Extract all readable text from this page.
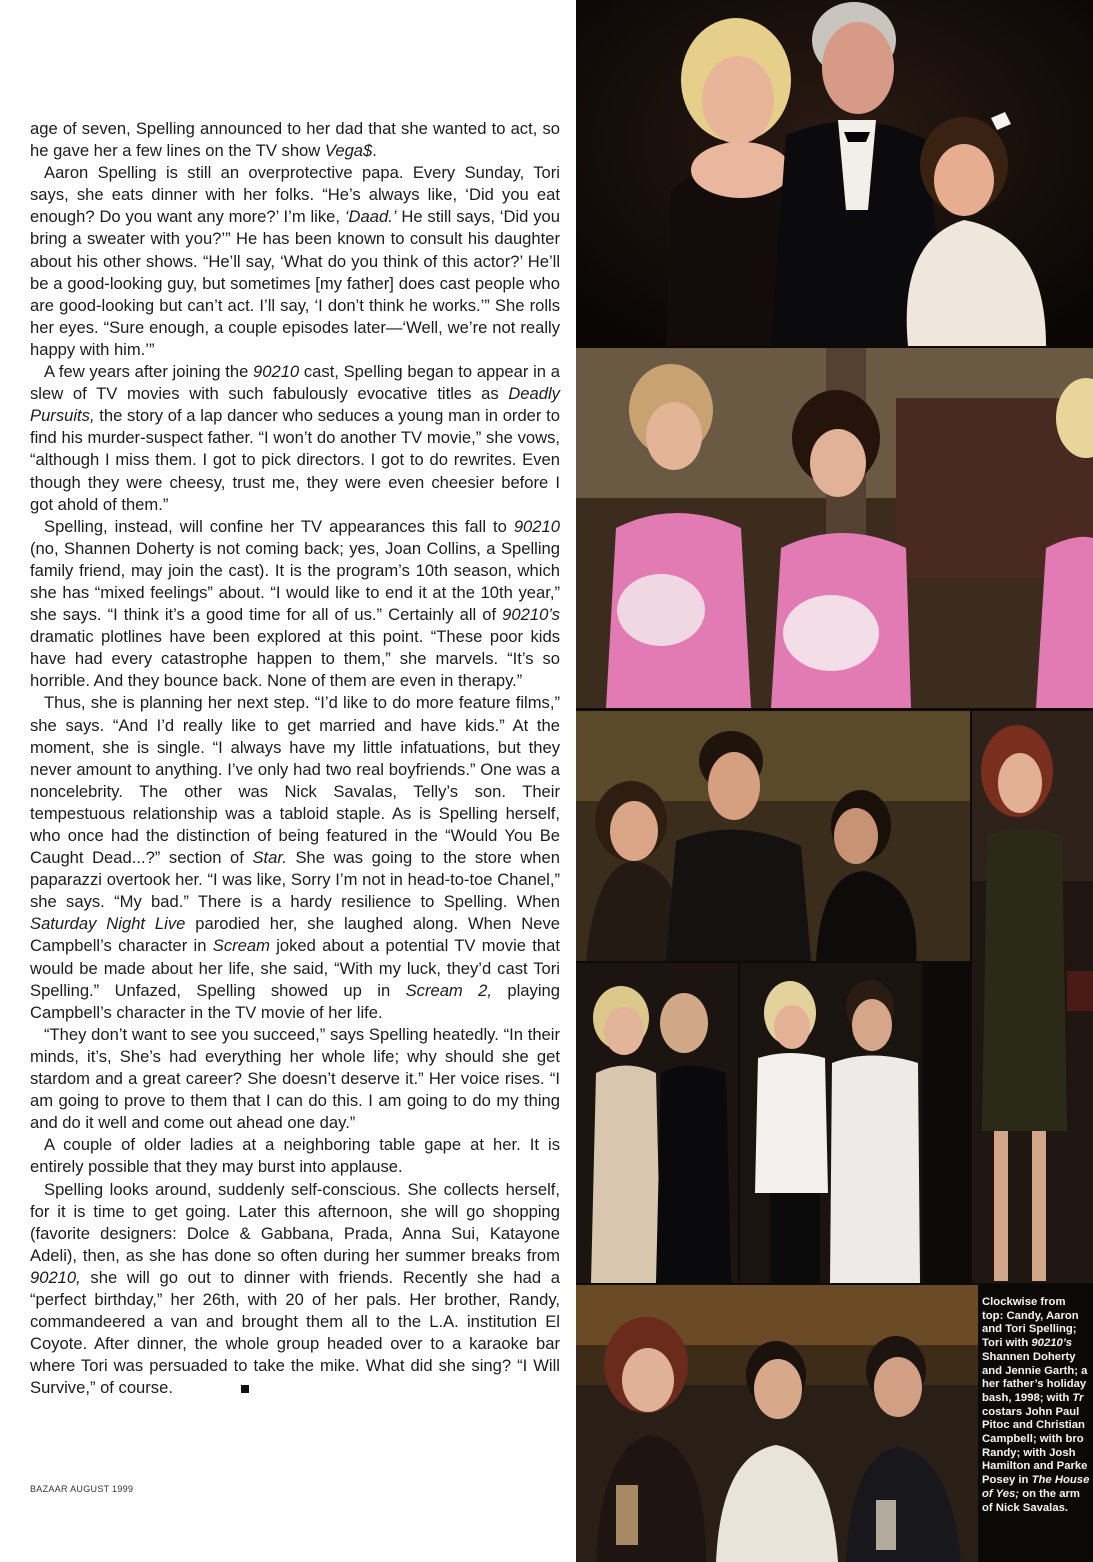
age of seven, Spelling announced to her dad that she wanted to act, so he gave her a few lines on the TV show Vega$.

Aaron Spelling is still an overprotective papa. Every Sunday, Tori says, she eats dinner with her folks. “He’s always like, ‘Did you eat enough? Do you want any more?’ I’m like, ‘Daad.’ He still says, ‘Did you bring a sweater with you?’” He has been known to consult his daughter about his other shows. “He’ll say, ‘What do you think of this actor?’ He’ll be a good-looking guy, but sometimes [my father] does cast people who are good-looking but can’t act. I’ll say, ‘I don’t think he works.’” She rolls her eyes. “Sure enough, a couple episodes later—‘Well, we’re not really happy with him.’”

A few years after joining the 90210 cast, Spelling began to appear in a slew of TV movies with such fabulously evocative titles as Deadly Pursuits, the story of a lap dancer who seduces a young man in order to find his murder-suspect father. “I won’t do another TV movie,” she vows, “although I miss them. I got to pick directors. I got to do rewrites. Even though they were cheesy, trust me, they were even cheesier before I got ahold of them.”

Spelling, instead, will confine her TV appearances this fall to 90210 (no, Shannen Doherty is not coming back; yes, Joan Collins, a Spelling family friend, may join the cast). It is the program’s 10th season, which she has “mixed feelings” about. “I would like to end it at the 10th year,” she says. “I think it’s a good time for all of us.” Certainly all of 90210’s dramatic plotlines have been explored at this point. “These poor kids have had every catastrophe happen to them,” she marvels. “It’s so horrible. And they bounce back. None of them are even in therapy.”

Thus, she is planning her next step. “I’d like to do more feature films,” she says. “And I’d really like to get married and have kids.” At the moment, she is single. “I always have my little infatuations, but they never amount to anything. I’ve only had two real boyfriends.” One was a noncelebrity. The other was Nick Savalas, Telly’s son. Their tempestuous relationship was a tabloid staple. As is Spelling herself, who once had the distinction of being featured in the “Would You Be Caught Dead...?” section of Star. She was going to the store when paparazzi overtook her. “I was like, Sorry I’m not in head-to-toe Chanel,” she says. “My bad.” There is a hardy resilience to Spelling. When Saturday Night Live parodied her, she laughed along. When Neve Campbell’s character in Scream joked about a potential TV movie that would be made about her life, she said, “With my luck, they’d cast Tori Spelling.” Unfazed, Spelling showed up in Scream 2, playing Campbell’s character in the TV movie of her life.

“They don’t want to see you succeed,” says Spelling heatedly. “In their minds, it’s, She’s had everything her whole life; why should she get stardom and a great career? She doesn’t deserve it.” Her voice rises. “I am going to prove to them that I can do this. I am going to do my thing and do it well and come out ahead one day.”

A couple of older ladies at a neighboring table gape at her. It is entirely possible that they may burst into applause.

Spelling looks around, suddenly self-conscious. She collects herself, for it is time to get going. Later this afternoon, she will go shopping (favorite designers: Dolce & Gabbana, Prada, Anna Sui, Katayone Adeli), then, as she has done so often during her summer breaks from 90210, she will go out to dinner with friends. Recently she had a “perfect birthday,” her 26th, with 20 of her pals. Her brother, Randy, commandeered a van and brought them all to the L.A. institution El Coyote. After dinner, the whole group headed over to a karaoke bar where Tori was persuaded to take the mike. What did she sing? “I Will Survive,” of course.

BAZAAR AUGUST 1999
Clockwise from
top: Candy, Aaron
and Tori Spelling;
Tori with 90210’s
Shannen Doherty
and Jennie Garth; a
her father’s holiday
bash, 1998; with Tr
costars John Paul
Pitoc and Christian
Campbell; with bro
Randy; with Josh
Hamilton and Parke
Posey in The House
of Yes; on the arm
of Nick Savalas.
